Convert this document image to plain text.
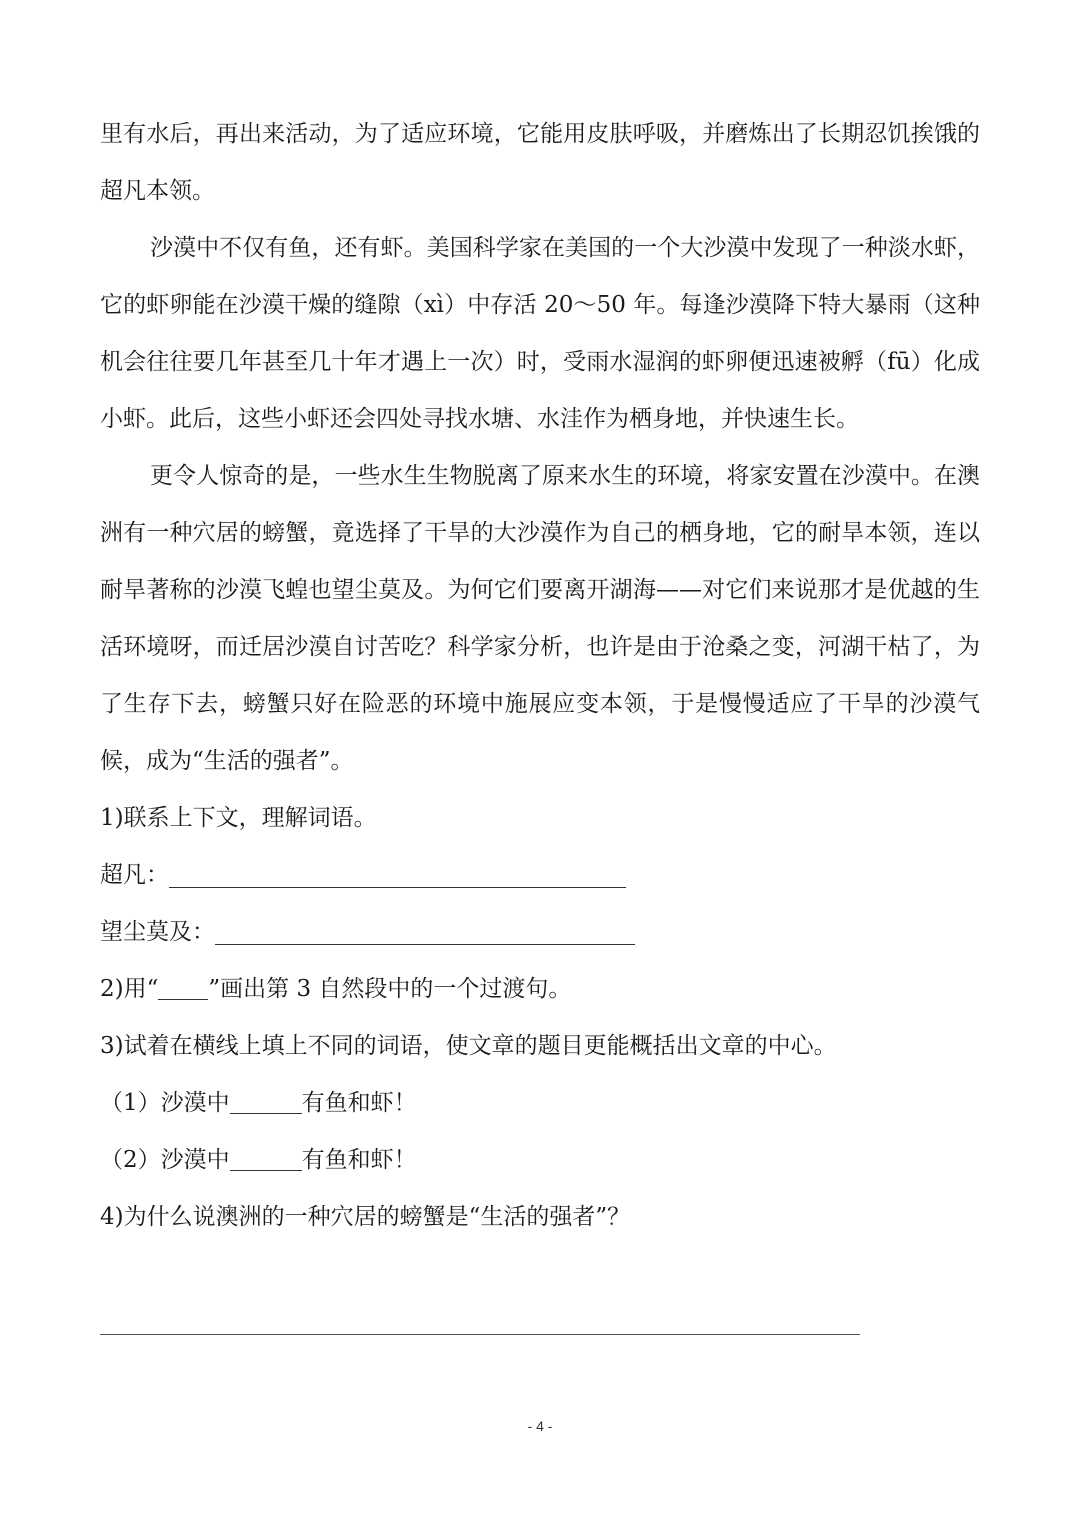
里有水后，再出来活动，为了适应环境，它能用皮肤呼吸，并磨炼出了长期忍饥挨饿的超凡本领。

沙漠中不仅有鱼，还有虾。美国科学家在美国的一个大沙漠中发现了一种淡水虾，它的虾卵能在沙漠干燥的缝隙（xì）中存活 20～50 年。每逢沙漠降下特大暴雨（这种机会往往要几年甚至几十年才遇上一次）时，受雨水湿润的虾卵便迅速被孵（fū）化成小虾。此后，这些小虾还会四处寻找水塘、水洼作为栖身地，并快速生长。

更令人惊奇的是，一些水生生物脱离了原来水生的环境，将家安置在沙漠中。在澳洲有一种穴居的螃蟹，竟选择了干旱的大沙漠作为自己的栖身地，它的耐旱本领，连以耐旱著称的沙漠飞蝗也望尘莫及。为何它们要离开湖海——对它们来说那才是优越的生活环境呀，而迁居沙漠自讨苦吃？科学家分析，也许是由于沧桑之变，河湖干枯了，为了生存下去，螃蟹只好在险恶的环境中施展应变本领，于是慢慢适应了干旱的沙漠气候，成为“生活的强者”。

1)联系上下文，理解词语。

超凡：

望尘莫及：

2)用“ ”画出第 3 自然段中的一个过渡句。

3)试着在横线上填上不同的词语，使文章的题目更能概括出文章的中心。

（1）沙漠中	有鱼和虾！

（2）沙漠中	有鱼和虾！

4)为什么说澳洲的一种穴居的螃蟹是“生活的强者”？

- 4 -
